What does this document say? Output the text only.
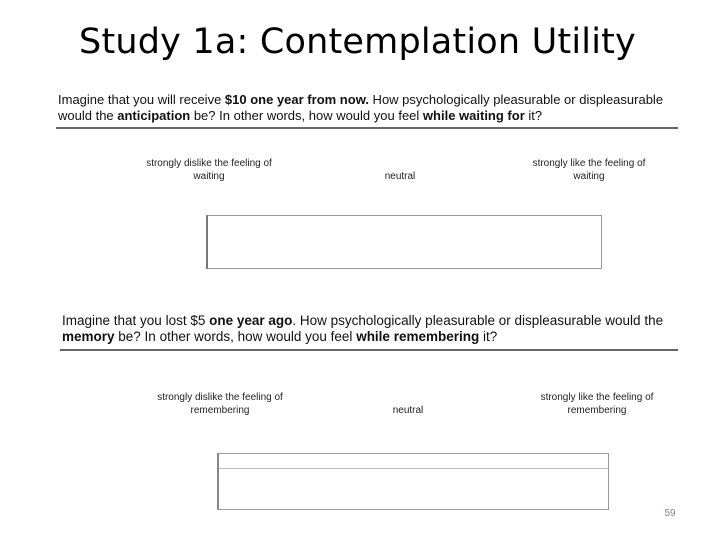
Study 1a: Contemplation Utility
Imagine that you will receive $10 one year from now. How psychologically pleasurable or displeasurable would the anticipation be? In other words, how would you feel while waiting for it?
strongly dislike the feeling of waiting	neutral
strongly like the feeling of waiting
Imagine that you lost $5 one year ago. How psychologically pleasurable or displeasurable would the memory be? In other words, how would you feel while remembering it?
strongly dislike the feeling of remembering	neutral
strongly like the feeling of remembering
59
